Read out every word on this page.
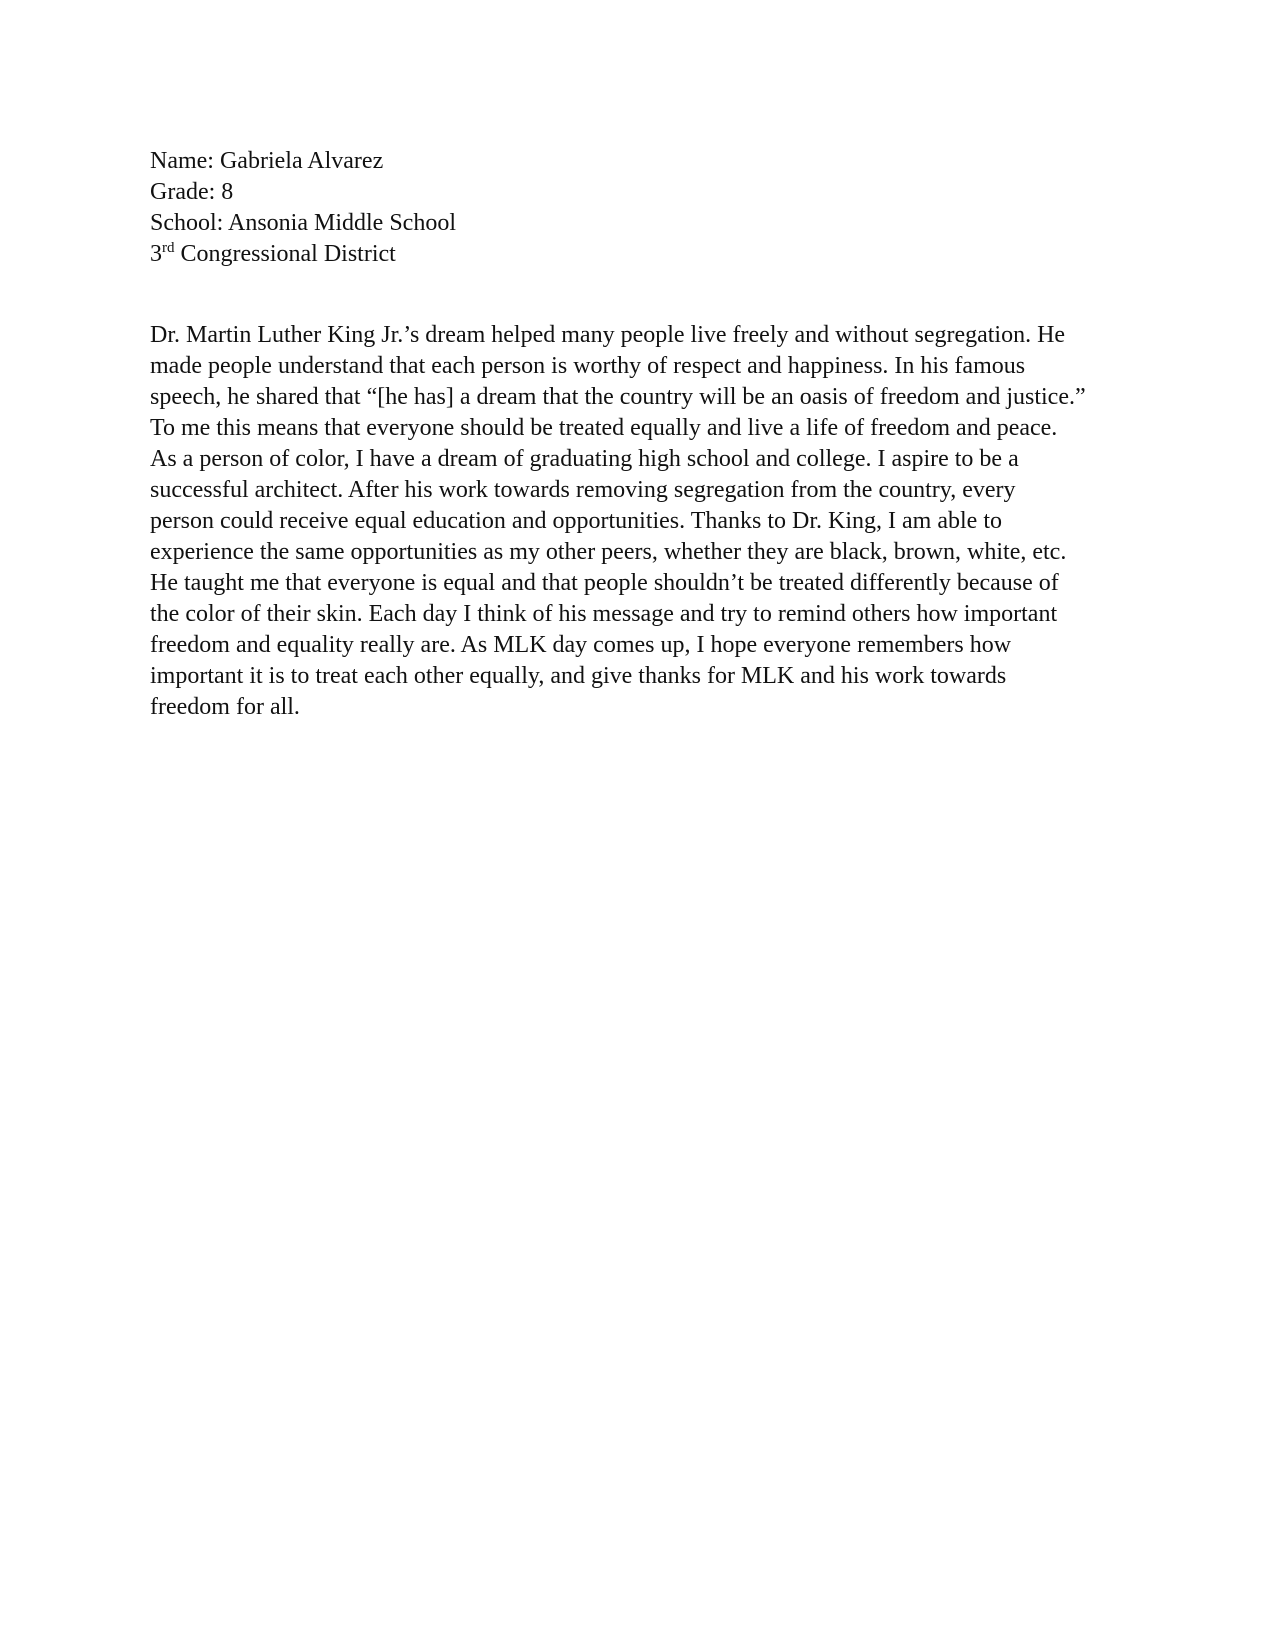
Name: Gabriela Alvarez
Grade: 8
School: Ansonia Middle School
3rd Congressional District
Dr. Martin Luther King Jr.’s dream helped many people live freely and without segregation. He
made people understand that each person is worthy of respect and happiness. In his famous
speech, he shared that “[he has] a dream that the country will be an oasis of freedom and justice.”
To me this means that everyone should be treated equally and live a life of freedom and peace.
As a person of color, I have a dream of graduating high school and college. I aspire to be a
successful architect. After his work towards removing segregation from the country, every
person could receive equal education and opportunities. Thanks to Dr. King, I am able to
experience the same opportunities as my other peers, whether they are black, brown, white, etc.
He taught me that everyone is equal and that people shouldn’t be treated differently because of
the color of their skin. Each day I think of his message and try to remind others how important
freedom and equality really are. As MLK day comes up, I hope everyone remembers how
important it is to treat each other equally, and give thanks for MLK and his work towards
freedom for all.
